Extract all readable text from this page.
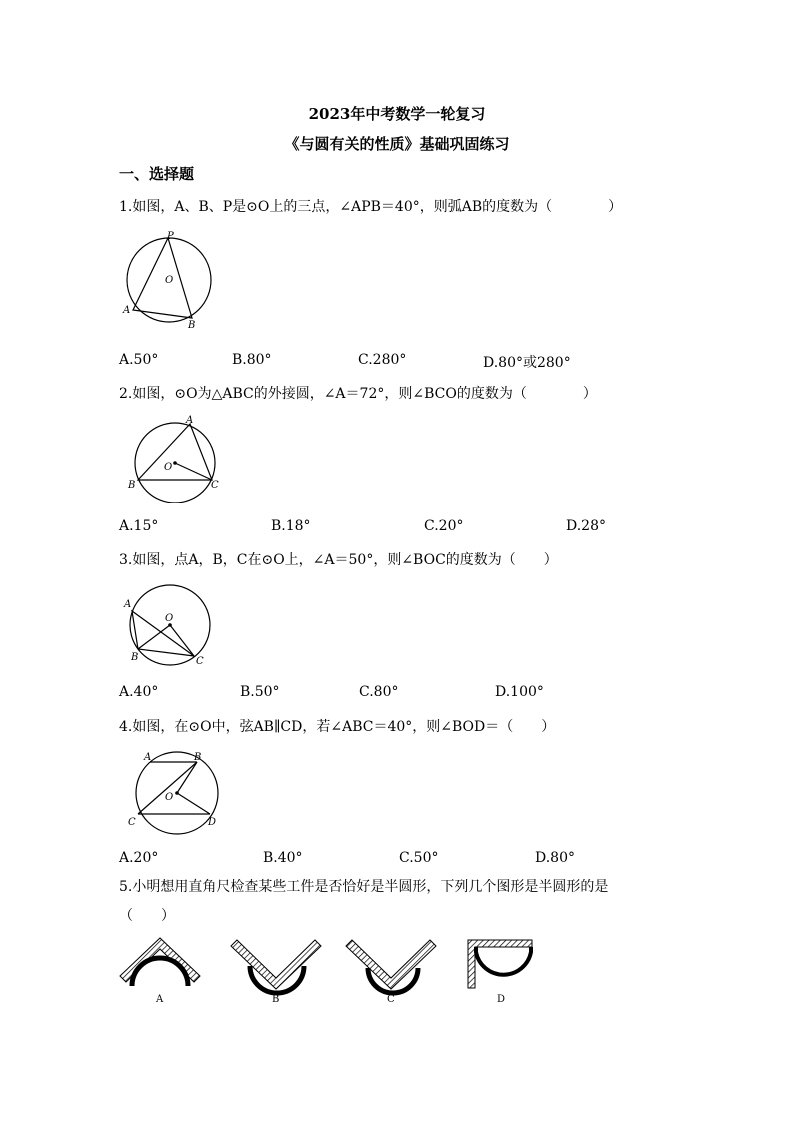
2023年中考数学一轮复习
《与圆有关的性质》基础巩固练习
一、选择题
1.如图，A、B、P是⊙O上的三点，∠APB＝40°，则弧AB的度数为（　　　　）
P
O
A
B
A.50°	B.80°	C.280°	D.80°或280°
2.如图，⊙O为△ABC的外接圆，∠A＝72°，则∠BCO的度数为（　　　　）
A
O
B	C
A.15°	B.18°	C.20°	D.28°
3.如图，点A，B，C在⊙O上，∠A＝50°，则∠BOC的度数为（　　）
A
O
B	C
A.40°	B.50°	C.80°	D.100°
4.如图，在⊙O中，弦AB∥CD，若∠ABC＝40°，则∠BOD＝（　　）
A	B
O
C	D
A.20°	B.40°	C.50°	D.80°
5.小明想用直角尺检查某些工件是否恰好是半圆形，下列几个图形是半圆形的是
（　　）
A	B	C	D
